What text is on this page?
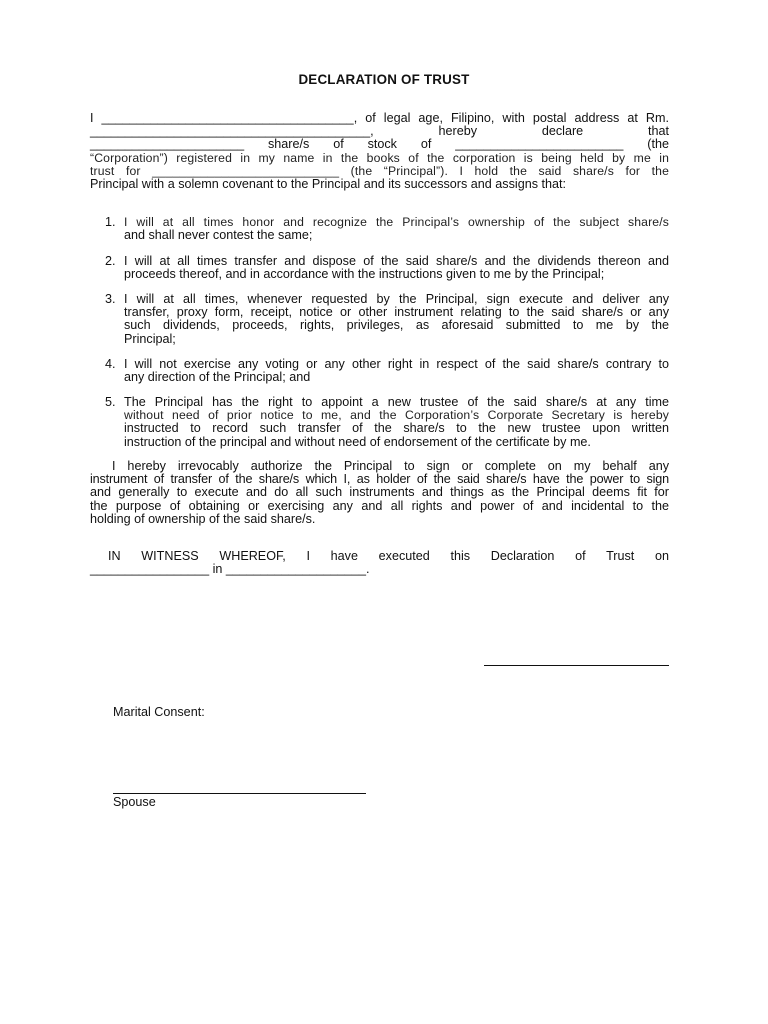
DECLARATION OF TRUST
I ____________________________________, of legal age, Filipino, with postal address at Rm.
________________________________________, hereby declare that
______________________ share/s of stock of ________________________ (the
“Corporation”) registered in my name in the books of the corporation is being held by me in
trust for ___________________________ (the “Principal”). I hold the said share/s for the
Principal with a solemn covenant to the Principal and its successors and assigns that:
1. I will at all times honor and recognize the Principal’s ownership of the subject share/s
and shall never contest the same;
2. I will at all times transfer and dispose of the said share/s and the dividends thereon and
proceeds thereof, and in accordance with the instructions given to me by the Principal;
3. I will at all times, whenever requested by the Principal, sign execute and deliver any
transfer, proxy form, receipt, notice or other instrument relating to the said share/s or any
such dividends, proceeds, rights, privileges, as aforesaid submitted to me by the
Principal;
4. I will not exercise any voting or any other right in respect of the said share/s contrary to
any direction of the Principal; and
5. The Principal has the right to appoint a new trustee of the said share/s at any time
without need of prior notice to me, and the Corporation’s Corporate Secretary is hereby
instructed to record such transfer of the share/s to the new trustee upon written
instruction of the principal and without need of endorsement of the certificate by me.
I hereby irrevocably authorize the Principal to sign or complete on my behalf any
instrument of transfer of the share/s which I, as holder of the said share/s have the power to sign
and generally to execute and do all such instruments and things as the Principal deems fit for
the purpose of obtaining or exercising any and all rights and power of and incidental to the
holding of ownership of the said share/s.
IN WITNESS WHEREOF, I have executed this Declaration of Trust on
_________________ in ____________________.
Marital Consent:
Spouse
